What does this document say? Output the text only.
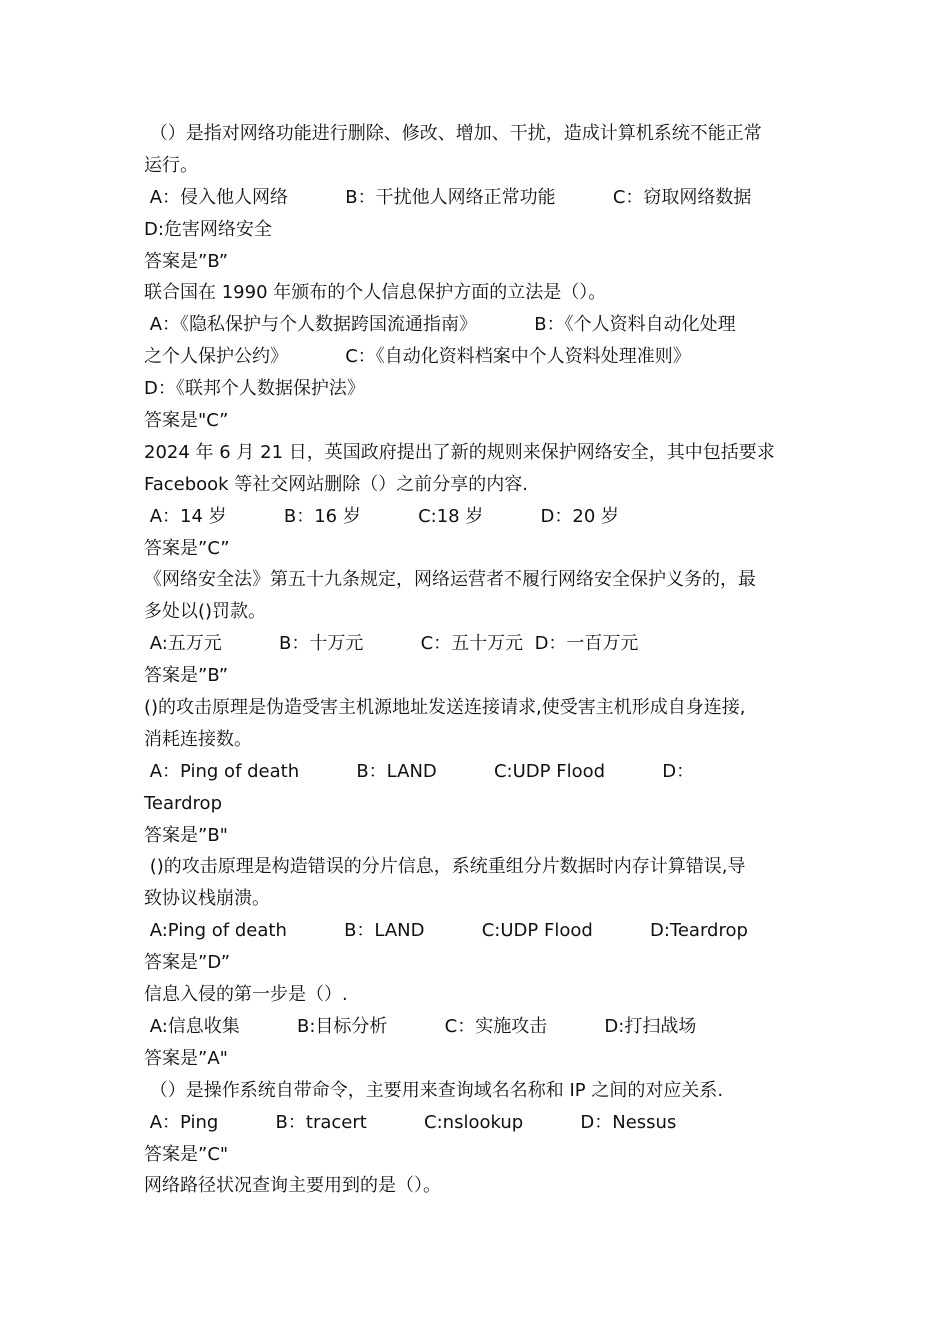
（）是指对网络功能进行删除、修改、增加、干扰，造成计算机系统不能正常
运行。
A：侵入他人网络          B：干扰他人网络正常功能          C：窃取网络数据
D:危害网络安全
答案是”B”
联合国在 1990 年颁布的个人信息保护方面的立法是（）。
A：《隐私保护与个人数据跨国流通指南》          B：《个人资料自动化处理
之个人保护公约》          C：《自动化资料档案中个人资料处理准则》
D：《联邦个人数据保护法》
答案是"C”
2024 年 6 月 21 日，英国政府提出了新的规则来保护网络安全，其中包括要求
Facebook 等社交网站删除（）之前分享的内容.
A：14 岁          B：16 岁          C:18 岁          D：20 岁
答案是”C”
《网络安全法》第五十九条规定，网络运营者不履行网络安全保护义务的，最
多处以()罚款。
A:五万元          B：十万元          C：五十万元  D：一百万元
答案是”B”
()的攻击原理是伪造受害主机源地址发送连接请求,使受害主机形成自身连接,
消耗连接数。
A：Ping of death          B：LAND          C:UDP Flood          D：
Teardrop
答案是”B"
()的攻击原理是构造错误的分片信息，系统重组分片数据时内存计算错误,导
致协议栈崩溃。
A:Ping of death          B：LAND          C:UDP Flood          D:Teardrop
答案是”D”
信息入侵的第一步是（）.
A:信息收集          B:目标分析          C：实施攻击          D:打扫战场
答案是”A"
（）是操作系统自带命令，主要用来查询域名名称和 IP 之间的对应关系.
A：Ping          B：tracert          C:nslookup          D：Nessus
答案是”C"
网络路径状况查询主要用到的是（）。
